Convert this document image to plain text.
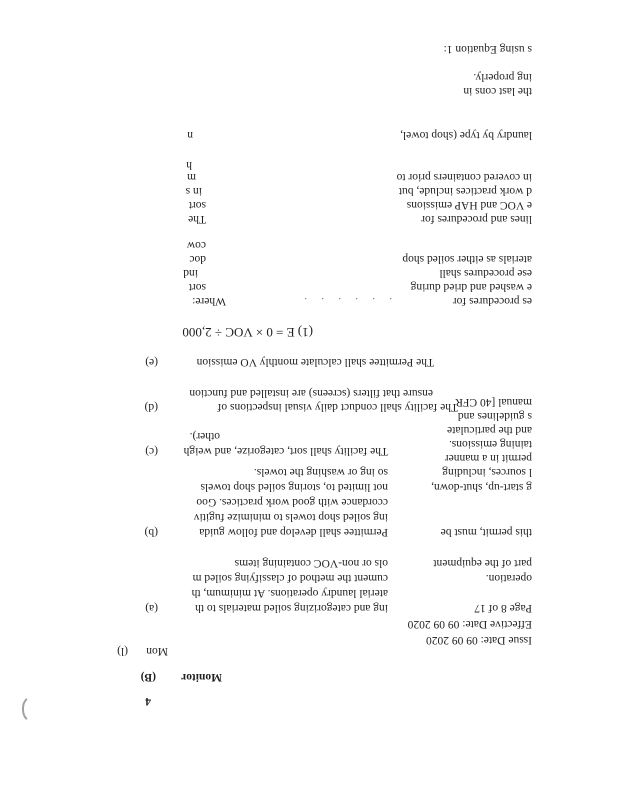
Issue Date: 09 09 2020
Effective Date: 09 09 2020
Page 8 of 17
(B)
(l)
(a)
(b)
(c)
(d)
(e)
4
Monitor
Mon
ing and categorizing soiled materials to th
aterial laundry operations. At minimum, th
cument the method of classifying soiled m
ols or non-VOC containing items
Permittee shall develop and follow guida
ing soiled shop towels to minimize fugitiv
ccordance with good work practices. Goo
not limited to, storing soiled shop towels
so ing or washing the towels.
The facility shall sort, categorize, and weigh
other).
The facility shall conduct daily visual inspections of
ensure that filters (screens) are installed and function
The Permittee shall calculate monthly VO emission
(1) E = 0 × VOC ÷ 2,000
. . . . . .
Where:
sort
ind
doc
cow
The
sort
in s
m
h
n
operation.
part of the equipment
this permit, must be
g start-up, shut-down,
l sources, including
permit in a manner
taining emissions.
and the particulate
s guidelines and
manual [40 CFR
es procedures for
e washed and dried during
ese procedures shall
aterials as either soiled shop
lines and procedures for
e VOC and HAP emissions
d work practices include, but
in covered containers prior to
laundry by type (shop towel,
the last cons in
ing properly.
s using Equation 1:
